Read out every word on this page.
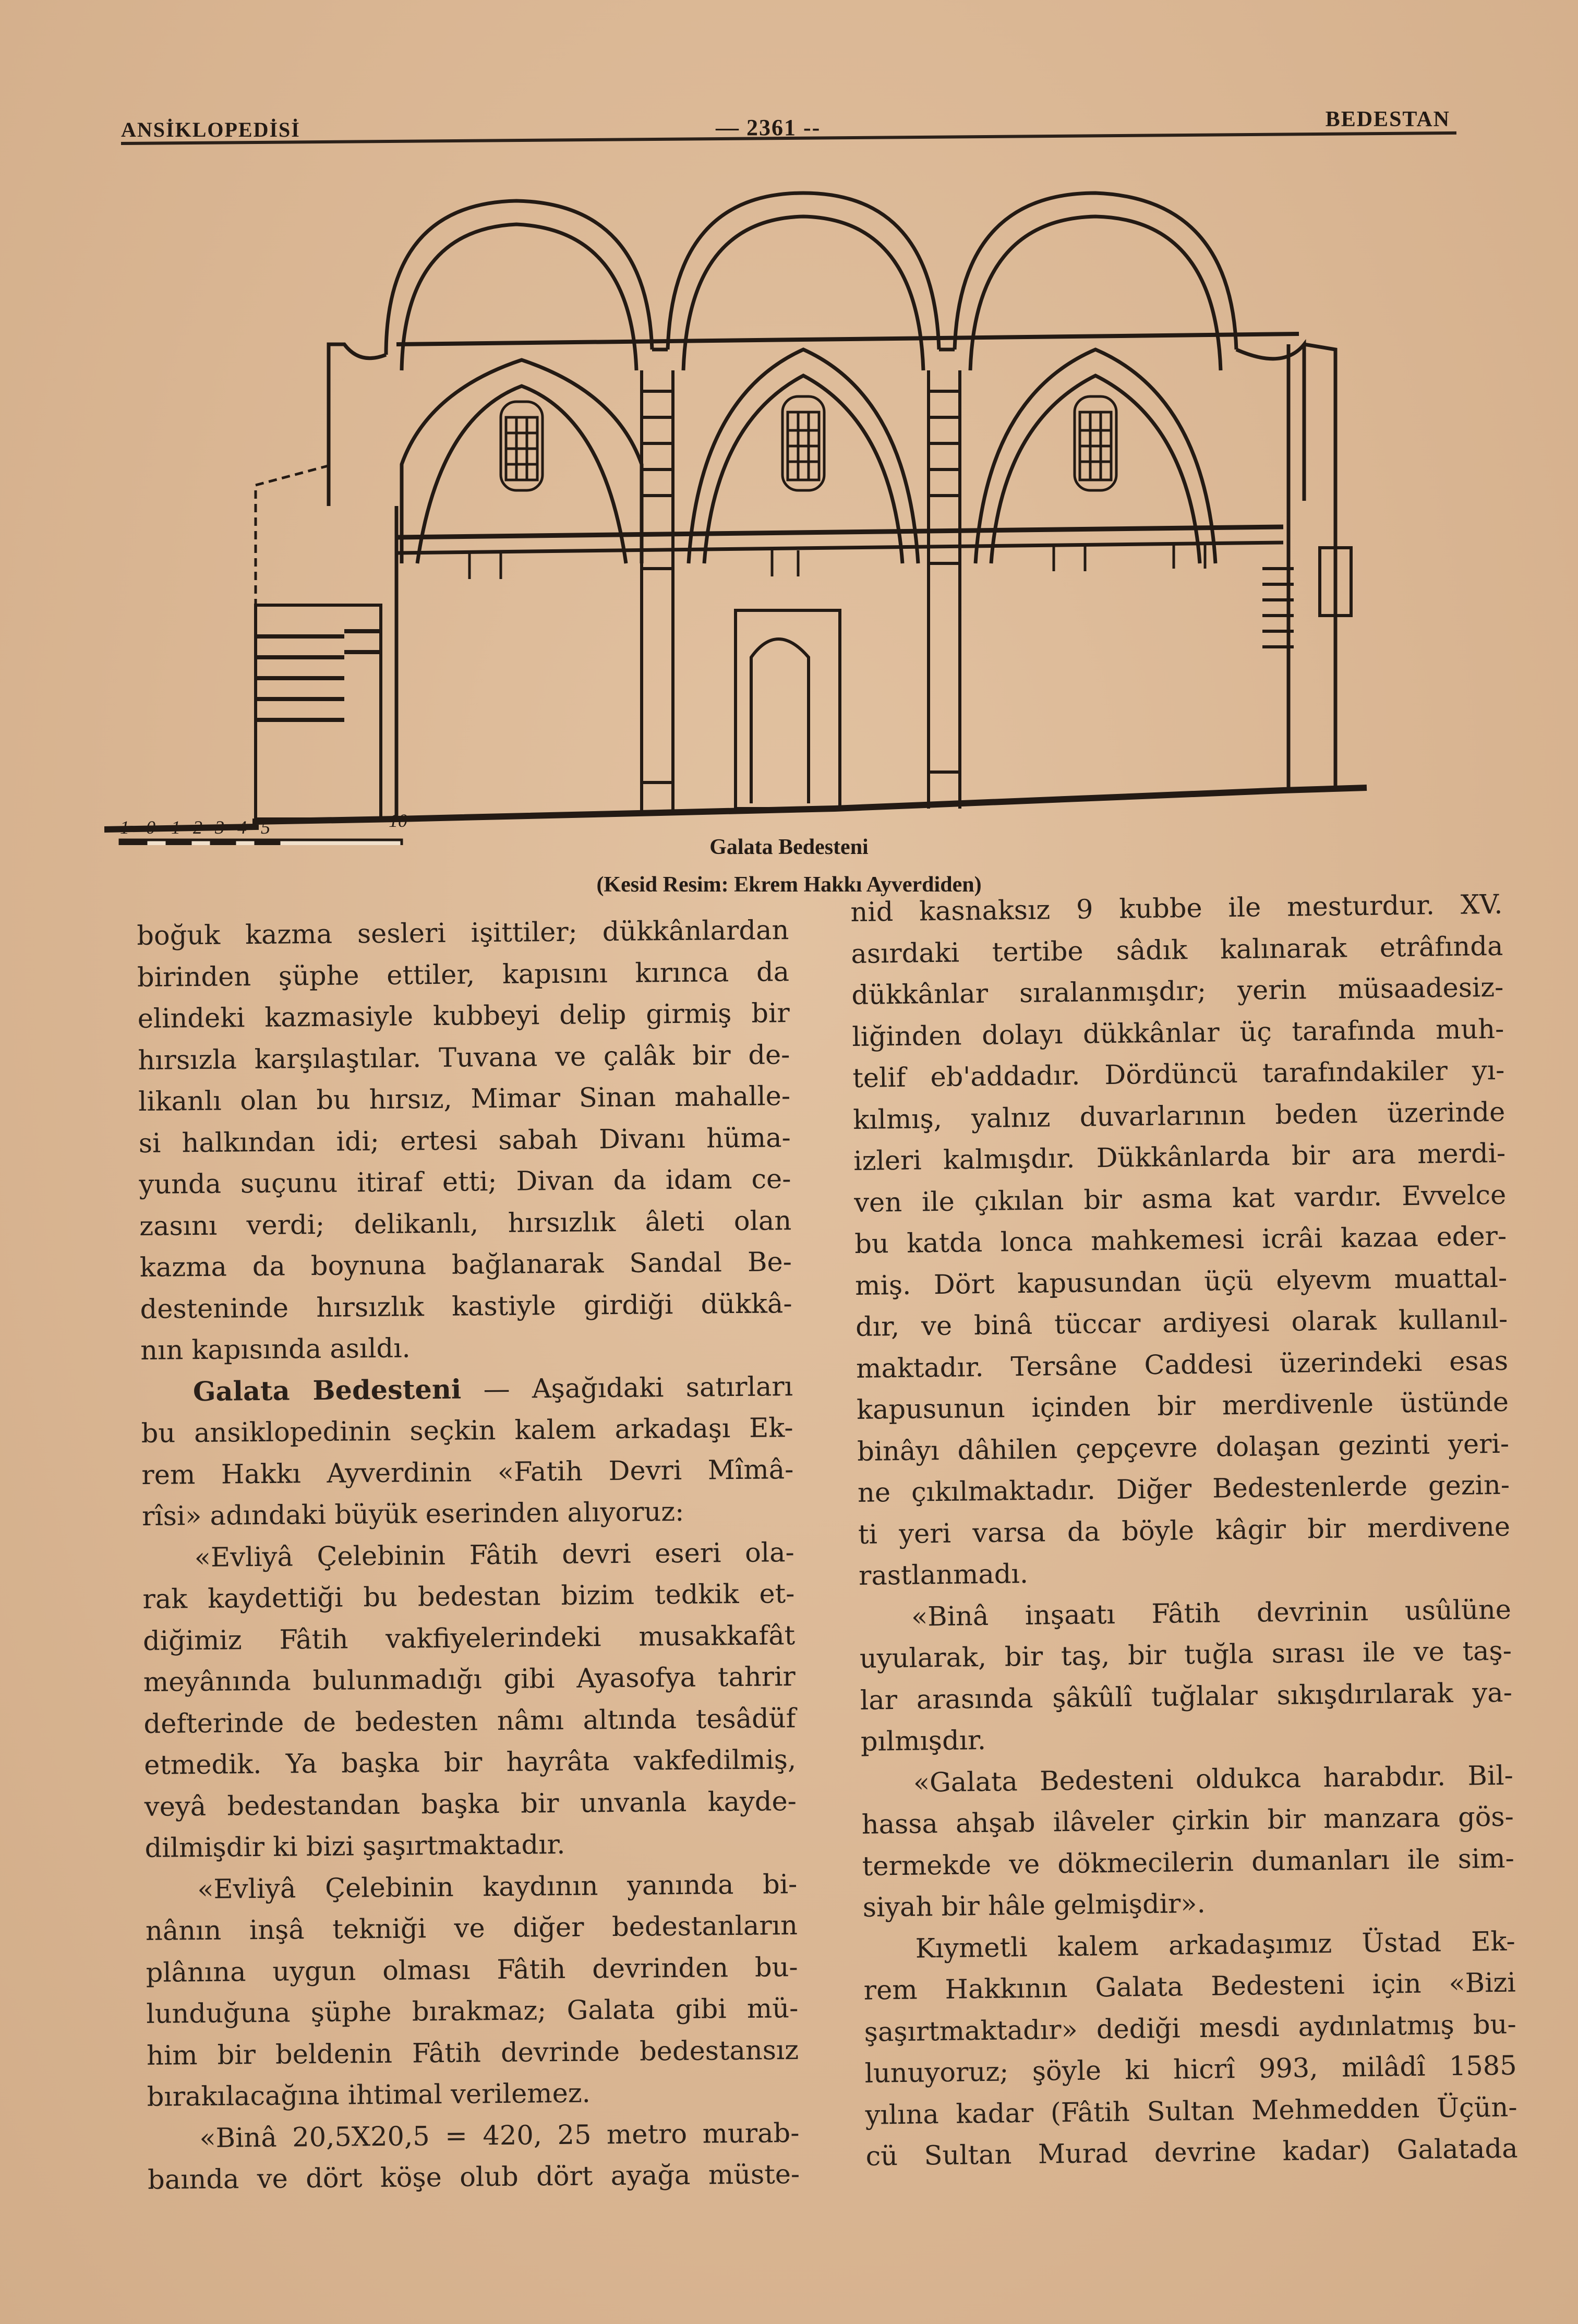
ANSİKLOPEDİSİ	— 2361 --	BEDESTAN
1 0 1 2 3 4 5	10
Galata Bedesteni
(Kesid Resim: Ekrem Hakkı Ayverdiden)
boğuk kazma sesleri işittiler; dükkânlardan
birinden şüphe ettiler, kapısını kırınca da
elindeki kazmasiyle kubbeyi delip girmiş bir
hırsızla karşılaştılar. Tuvana ve çalâk bir de-
likanlı olan bu hırsız, Mimar Sinan mahalle-
si halkından idi; ertesi sabah Divanı hüma-
yunda suçunu itiraf etti; Divan da idam ce-
zasını verdi; delikanlı, hırsızlık âleti olan
kazma da boynuna bağlanarak Sandal Be-
desteninde hırsızlık kastiyle girdiği dükkâ-
nın kapısında asıldı.
Galata Bedesteni — Aşağıdaki satırları
bu ansiklopedinin seçkin kalem arkadaşı Ek-
rem Hakkı Ayverdinin «Fatih Devri Mîmâ-
rîsi» adındaki büyük eserinden alıyoruz:
«Evliyâ Çelebinin Fâtih devri eseri ola-
rak kaydettiği bu bedestan bizim tedkik et-
diğimiz Fâtih vakfiyelerindeki musakkafât
meyânında bulunmadığı gibi Ayasofya tahrir
defterinde de bedesten nâmı altında tesâdüf
etmedik. Ya başka bir hayrâta vakfedilmiş,
veyâ bedestandan başka bir unvanla kayde-
dilmişdir ki bizi şaşırtmaktadır.
«Evliyâ Çelebinin kaydının yanında bi-
nânın inşâ tekniği ve diğer bedestanların
plânına uygun olması Fâtih devrinden bu-
lunduğuna şüphe bırakmaz; Galata gibi mü-
him bir beldenin Fâtih devrinde bedestansız
bırakılacağına ihtimal verilemez.
«Binâ 20,5X20,5 = 420, 25 metro murab-
baında ve dört köşe olub dört ayağa müste-
nid kasnaksız 9 kubbe ile mesturdur. XV.
asırdaki tertibe sâdık kalınarak etrâfında
dükkânlar sıralanmışdır; yerin müsaadesiz-
liğinden dolayı dükkânlar üç tarafında muh-
telif eb'addadır. Dördüncü tarafındakiler yı-
kılmış, yalnız duvarlarının beden üzerinde
izleri kalmışdır. Dükkânlarda bir ara merdi-
ven ile çıkılan bir asma kat vardır. Evvelce
bu katda lonca mahkemesi icrâi kazaa eder-
miş. Dört kapusundan üçü elyevm muattal-
dır, ve binâ tüccar ardiyesi olarak kullanıl-
maktadır. Tersâne Caddesi üzerindeki esas
kapusunun içinden bir merdivenle üstünde
binâyı dâhilen çepçevre dolaşan gezinti yeri-
ne çıkılmaktadır. Diğer Bedestenlerde gezin-
ti yeri varsa da böyle kâgir bir merdivene
rastlanmadı.
«Binâ inşaatı Fâtih devrinin usûlüne
uyularak, bir taş, bir tuğla sırası ile ve taş-
lar arasında şâkûlî tuğlalar sıkışdırılarak ya-
pılmışdır.
«Galata Bedesteni oldukca harabdır. Bil-
hassa ahşab ilâveler çirkin bir manzara gös-
termekde ve dökmecilerin dumanları ile sim-
siyah bir hâle gelmişdir».
Kıymetli kalem arkadaşımız Üstad Ek-
rem Hakkının Galata Bedesteni için «Bizi
şaşırtmaktadır» dediği mesdi aydınlatmış bu-
lunuyoruz; şöyle ki hicrî 993, milâdî 1585
yılına kadar (Fâtih Sultan Mehmedden Üçün-
cü Sultan Murad devrine kadar) Galatada
